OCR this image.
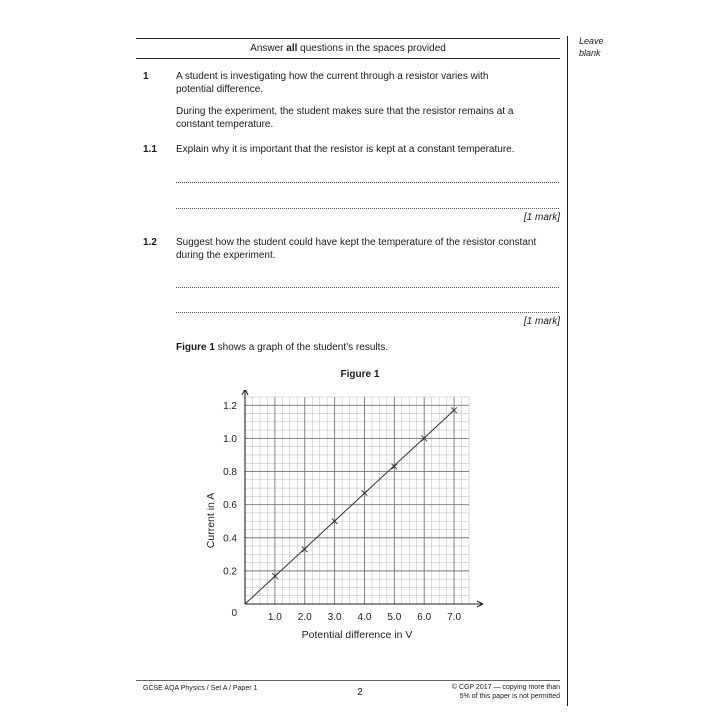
Leave
blank
Answer all questions in the spaces provided
1	A student is investigating how the current through a resistor varies with
potential difference.
During the experiment, the student makes sure that the resistor remains at a
constant temperature.
1.1 Explain why it is important that the resistor is kept at a constant temperature.
[1 mark]
1.2 Suggest how the student could have kept the temperature of the resistor constant
during the experiment.
[1 mark]
Figure 1 shows a graph of the student’s results.
Figure 1
1.0 2.0 3.0 4.0 5.0 6.0 7.0
0.2
0.4
0.6
0.8
1.0
1.2
0
Potential difference in V
Current in A
GCSE AQA Physics / Set A / Paper 1	2	© CGP 2017 — copying more than
5% of this paper is not permitted
